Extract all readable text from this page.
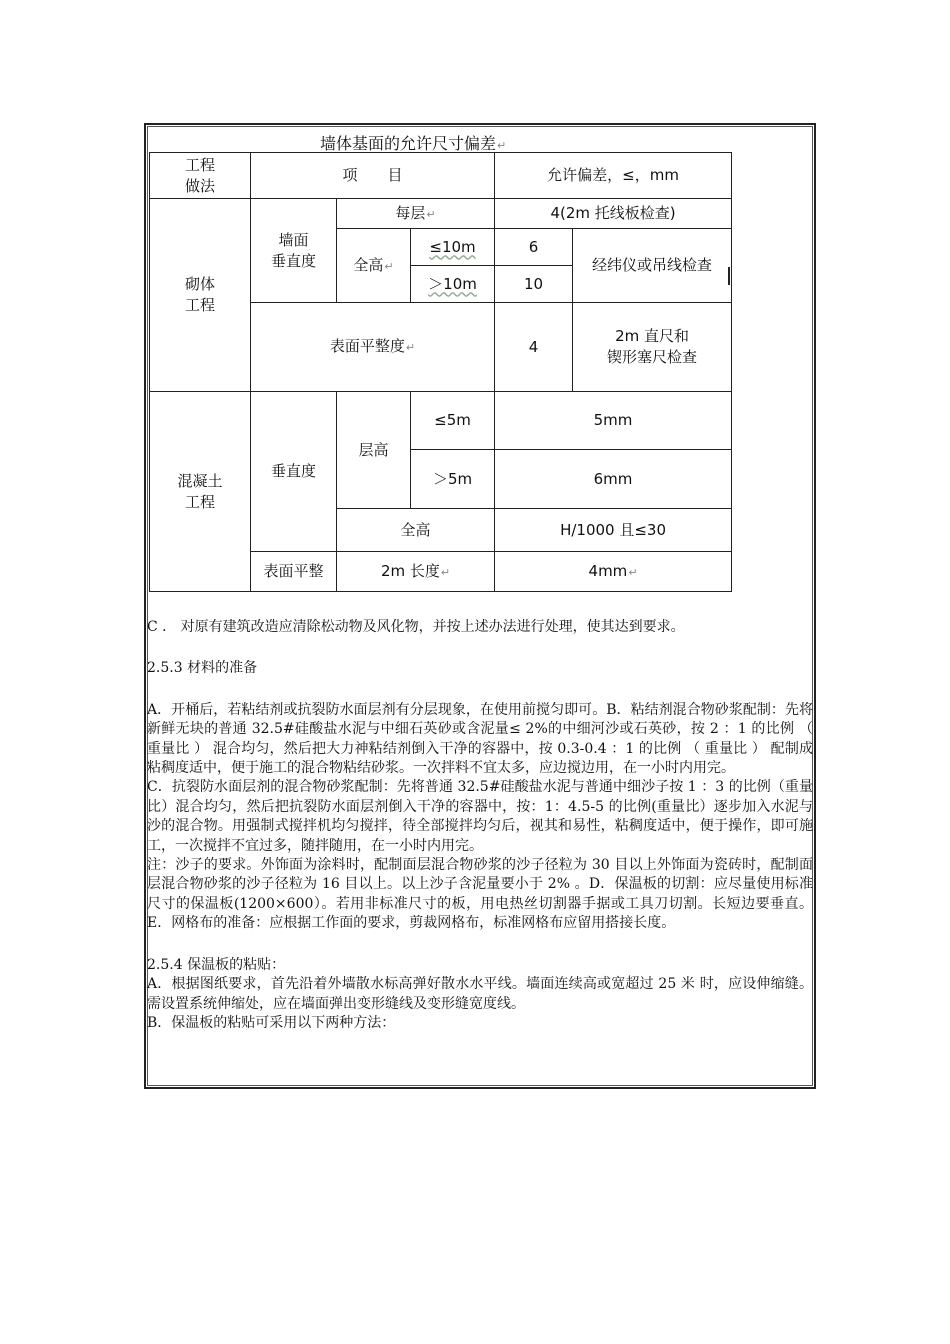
墙体基面的允许尺寸偏差↵
工程
做法	项　　目			允许偏差，≤，mm	
砌体
工程	墙面
垂直度	每层↵		4(2m 托线板检查)	
		全高↵	≤10m	6	经纬仪或吊线检查
			＞10m	10	
	表面平整度↵			4	2m 直尺和
锲形塞尺检查
混凝土
工程	垂直度	层高	≤5m	5mm	
			＞5m	6mm	
		全高		H/1000 且≤30	
	表面平整	2m 长度↵		4mm↵	

C ． 对原有建筑改造应清除松动物及风化物，并按上述办法进行处理，使其达到要求。

2.5.3 材料的准备

A．开桶后，若粘结剂或抗裂防水面层剂有分层现象，在使用前搅匀即可。B．粘结剂混合物砂浆配制：先将新鲜无块的普通 32.5#硅酸盐水泥与中细石英砂或含泥量≤ 2%的中细河沙或石英砂，按 2 ：1 的比例 （ 重量比 ） 混合均匀，然后把大力神粘结剂倒入干净的容器中，按 0.3-0.4 ：1 的比例 （ 重量比 ） 配制成粘稠度适中，便于施工的混合物粘结砂浆。一次拌料不宜太多，应边搅边用，在一小时内用完。

C．抗裂防水面层剂的混合物砂浆配制：先将普通 32.5#硅酸盐水泥与普通中细沙子按 1 ：3 的比例（重量比）混合均匀，然后把抗裂防水面层剂倒入干净的容器中，按：1：4.5-5 的比例(重量比）逐步加入水泥与沙的混合物。用强制式搅拌机均匀搅拌，待全部搅拌均匀后，视其和易性，粘稠度适中，便于操作，即可施工，一次搅拌不宜过多，随拌随用，在一小时内用完。

注：沙子的要求。外饰面为涂料时，配制面层混合物砂浆的沙子径粒为 30 目以上外饰面为瓷砖时，配制面层混合物砂浆的沙子径粒为 16 目以上。以上沙子含泥量要小于 2% 。D．保温板的切割：应尽量使用标准尺寸的保温板(1200×600）。若用非标准尺寸的板，用电热丝切割器手据或工具刀切割。长短边要垂直。E．网格布的准备：应根据工作面的要求，剪裁网格布，标准网格布应留用搭接长度。

2.5.4 保温板的粘贴：

A．根据图纸要求，首先沿着外墙散水标高弹好散水水平线。墙面连续高或宽超过 25 米 时，应设伸缩缝。需设置系统伸缩处，应在墙面弹出变形缝线及变形缝宽度线。

B．保温板的粘贴可采用以下两种方法：
